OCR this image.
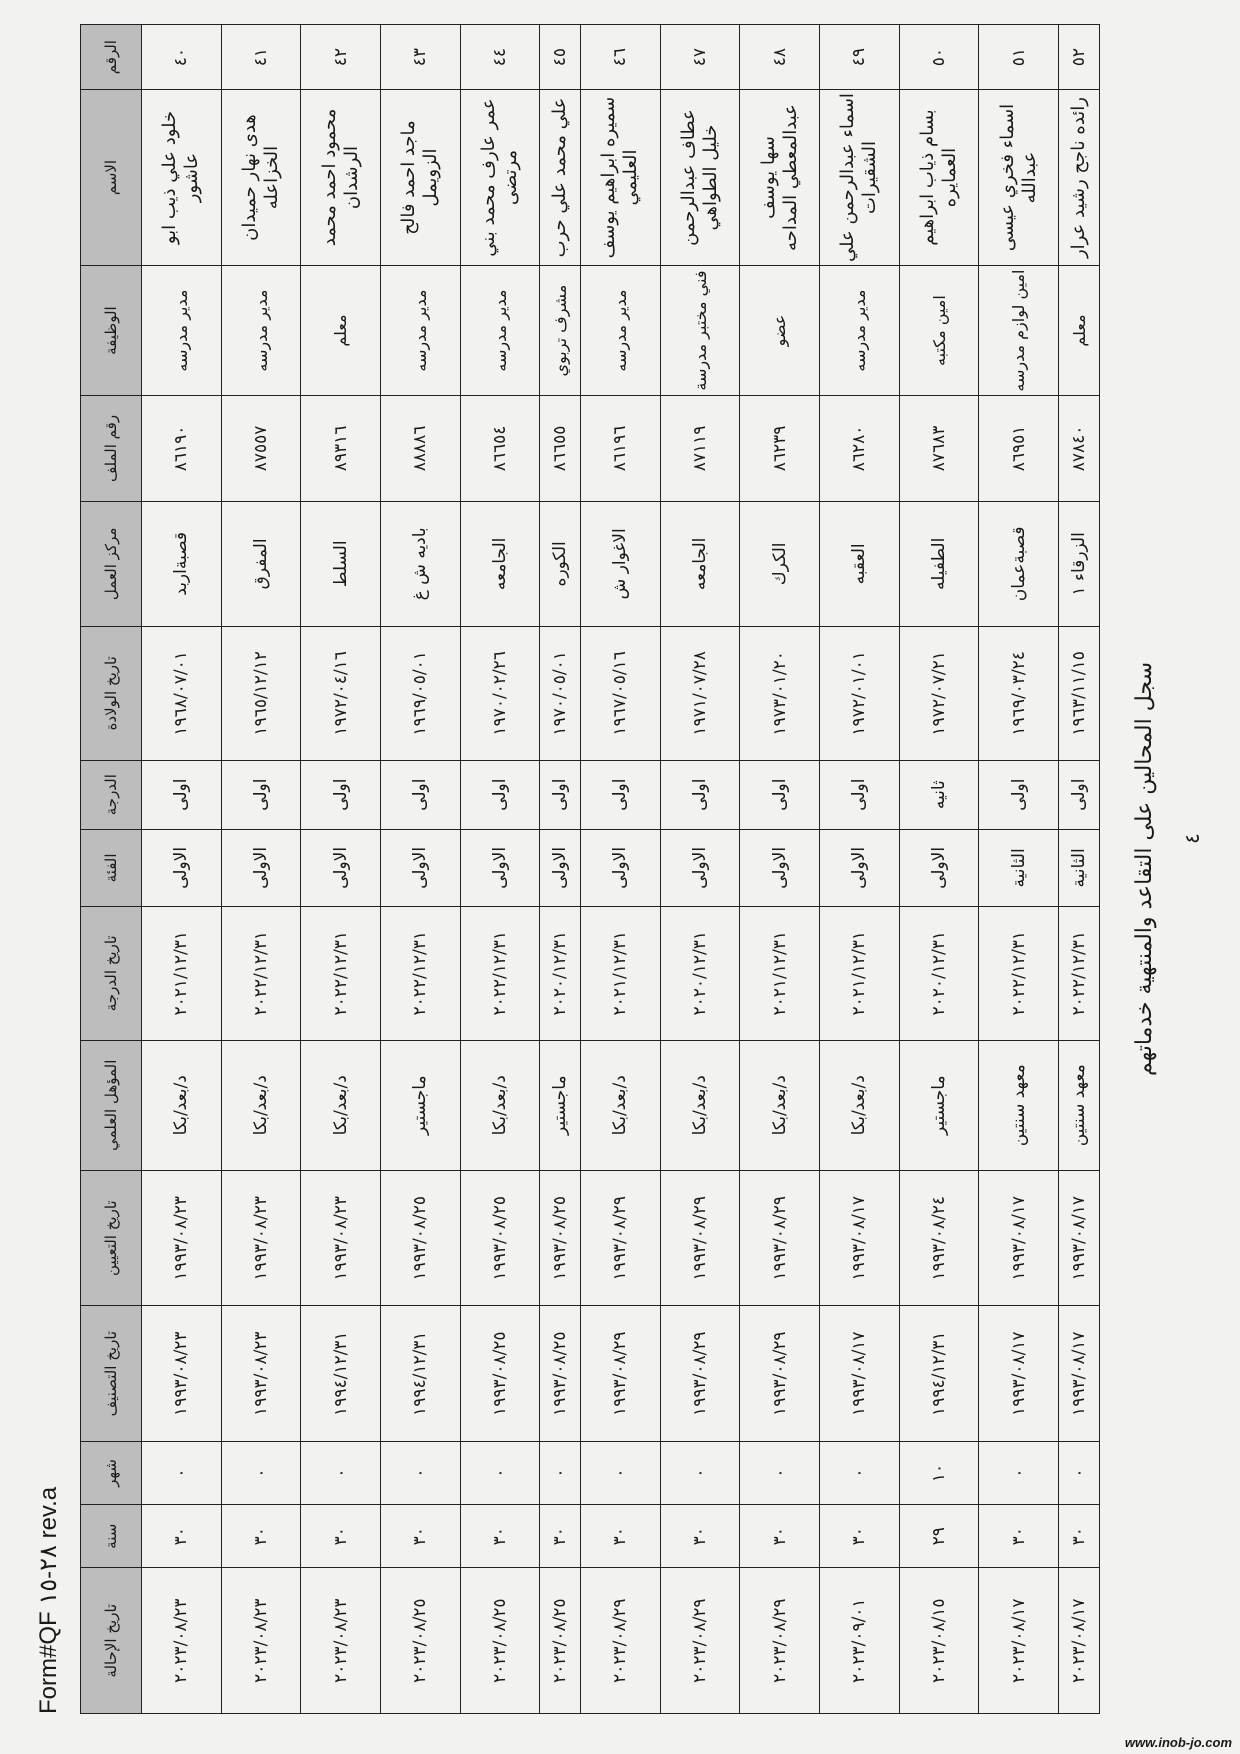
الرقم	الاسم	الوظيفة	رقم الملف	مركز العمل	تاريخ الولادة	الدرجة	الفئة	تاريخ الدرجة	المؤهل العلمي	تاريخ التعيين	تاريخ التصنيف	شهر	سنة	تاريخ الإحالة
٤٠	خلود علي ذيب ابو عاشور	مدير مدرسه	٨٦١٩٠	قصبةاربد	١٩٦٨/٠٧/٠١	اولى	الاولى	٢٠٢١/١٢/٣١	د/بعد/بكا	١٩٩٣/٠٨/٢٣	١٩٩٣/٠٨/٢٣	٠	٣٠	٢٠٢٣/٠٨/٢٣
٤١	هدى نهار حميدان الخزاعله	مدير مدرسه	٨٧٥٥٧	المفرق	١٩٦٥/١٢/١٢	اولى	الاولى	٢٠٢٢/١٢/٣١	د/بعد/بكا	١٩٩٣/٠٨/٢٣	١٩٩٣/٠٨/٢٣	٠	٣٠	٢٠٢٣/٠٨/٢٣
٤٢	محمود احمد محمد الرشدان	معلم	٨٩٣١٦	السلط	١٩٧٢/٠٤/١٦	اولى	الاولى	٢٠٢٢/١٢/٣١	د/بعد/بكا	١٩٩٣/٠٨/٢٣	١٩٩٤/١٢/٣١	٠	٣٠	٢٠٢٣/٠٨/٢٣
٤٣	ماجد احمد فالح الزويمل	مدير مدرسه	٨٨٨٨٦	باديه ش غ	١٩٦٩/٠٥/٠١	اولى	الاولى	٢٠٢٢/١٢/٣١	ماجستير	١٩٩٣/٠٨/٢٥	١٩٩٤/١٢/٣١	٠	٣٠	٢٠٢٣/٠٨/٢٥
٤٤	عمر عارف محمد بني مرتضى	مدير مدرسه	٨٦٦٥٤	الجامعه	١٩٧٠/٠٢/٢٦	اولى	الاولى	٢٠٢٢/١٢/٣١	د/بعد/بكا	١٩٩٣/٠٨/٢٥	١٩٩٣/٠٨/٢٥	٠	٣٠	٢٠٢٣/٠٨/٢٥
٤٥	علي محمد علي حرب	مشرف تربوي	٨٦٦٥٥	الكوره	١٩٧٠/٠٥/٠١	اولى	الاولى	٢٠٢٠/١٢/٣١	ماجستير	١٩٩٣/٠٨/٢٥	١٩٩٣/٠٨/٢٥	٠	٣٠	٢٠٢٣/٠٨/٢٥
٤٦	سميره ابراهيم يوسف العليمي	مدير مدرسه	٨٦١٩٦	الاغوار ش	١٩٦٧/٠٥/١٦	اولى	الاولى	٢٠٢١/١٢/٣١	د/بعد/بكا	١٩٩٣/٠٨/٢٩	١٩٩٣/٠٨/٢٩	٠	٣٠	٢٠٢٣/٠٨/٢٩
٤٧	عطاف عبدالرحمن خليل الطواهي	فني مختبر مدرسة	٨٧١١٩	الجامعه	١٩٧١/٠٧/٢٨	اولى	الاولى	٢٠٢٠/١٢/٣١	د/بعد/بكا	١٩٩٣/٠٨/٢٩	١٩٩٣/٠٨/٢٩	٠	٣٠	٢٠٢٣/٠٨/٢٩
٤٨	سها يوسف عبدالمعطي المداحه	عضو	٨٦٢٣٩	الكرك	١٩٧٣/٠١/٢٠	اولى	الاولى	٢٠٢١/١٢/٣١	د/بعد/بكا	١٩٩٣/٠٨/٢٩	١٩٩٣/٠٨/٢٩	٠	٣٠	٢٠٢٣/٠٨/٢٩
٤٩	اسماء عبدالرحمن علي الشقيرات	مدير مدرسه	٨٦٢٨٠	العقبه	١٩٧٢/٠١/٠١	اولى	الاولى	٢٠٢١/١٢/٣١	د/بعد/بكا	١٩٩٣/٠٨/١٧	١٩٩٣/٠٨/١٧	٠	٣٠	٢٠٢٣/٠٩/٠١
٥٠	بسام ذياب ابراهيم العمايره	امين مكتبه	٨٧٦٨٣	الطفيله	١٩٧٢/٠٧/٢١	ثانيه	الاولى	٢٠٢٠/١٢/٣١	ماجستير	١٩٩٣/٠٨/٢٤	١٩٩٤/١٢/٣١	١٠	٢٩	٢٠٢٣/٠٨/١٥
٥١	اسماء فخري عيسى عبدالله	امين لوازم مدرسه	٨٦٩٥١	قصبةعمان	١٩٦٩/٠٣/٢٤	اولى	الثانية	٢٠٢٢/١٢/٣١	معهد سنتين	١٩٩٣/٠٨/١٧	١٩٩٣/٠٨/١٧	٠	٣٠	٢٠٢٣/٠٨/١٧
٥٢	رائده ناجح رشيد عرار	معلم	٨٧٨٤٠	الزرقاء ١	١٩٦٣/١١/١٥	اولى	الثانية	٢٠٢٢/١٢/٣١	معهد سنتين	١٩٩٣/٠٨/١٧	١٩٩٣/٠٨/١٧	٠	٣٠	٢٠٢٣/٠٨/١٧
سجل المحالين على التقاعد والمنتهية خدماتهم ٤
Form#QF ٢٨-١٥ rev.a
www.inob-jo.com
